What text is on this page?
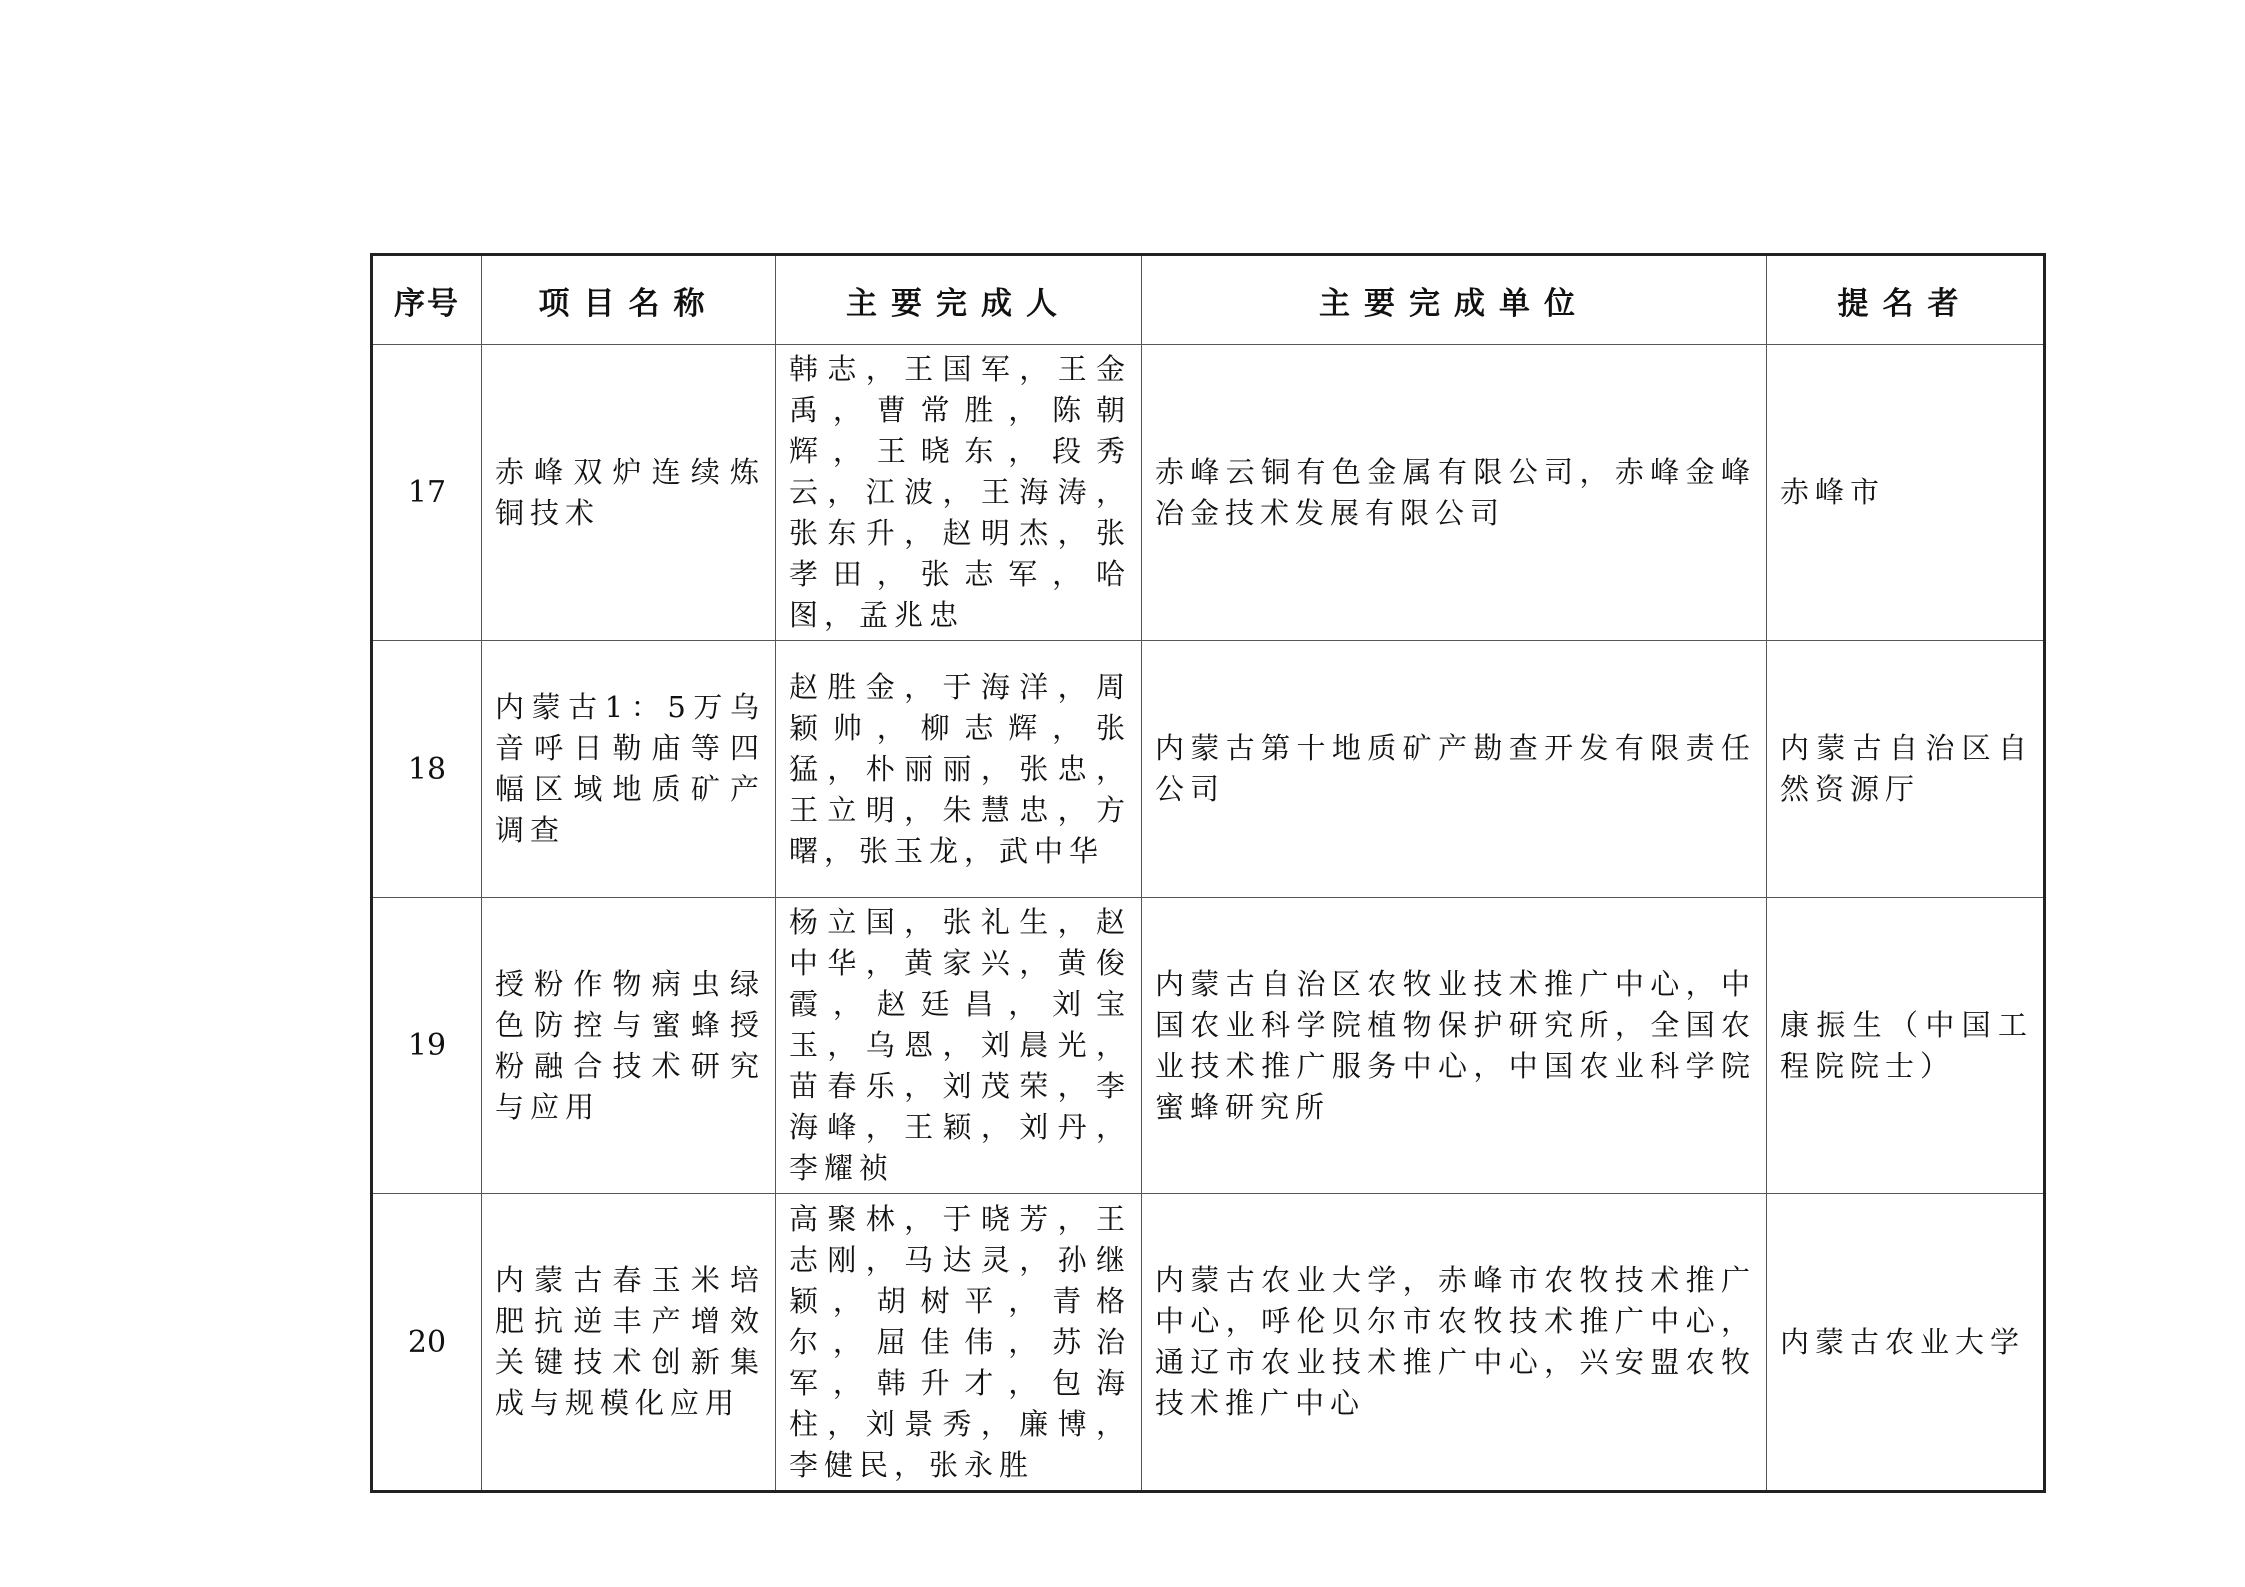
序号	项目名称	主要完成人	主要完成单位	提名者
17	赤峰双炉连续炼铜技术	韩志，王国军，王金禹，曹常胜，陈朝辉，王晓东，段秀云，江波，王海涛，张东升，赵明杰，张孝田，张志军，哈图，孟兆忠	赤峰云铜有色金属有限公司，赤峰金峰冶金技术发展有限公司	赤峰市
18	内蒙古1：5万乌音呼日勒庙等四幅区域地质矿产调查	赵胜金，于海洋，周颖帅，柳志辉，张猛，朴丽丽，张忠，王立明，朱慧忠，方曙，张玉龙，武中华	内蒙古第十地质矿产勘查开发有限责任公司	内蒙古自治区自然资源厅
19	授粉作物病虫绿色防控与蜜蜂授粉融合技术研究与应用	杨立国，张礼生，赵中华，黄家兴，黄俊霞，赵廷昌，刘宝玉，乌恩，刘晨光，苗春乐，刘茂荣，李海峰，王颖，刘丹，李耀祯	内蒙古自治区农牧业技术推广中心，中国农业科学院植物保护研究所，全国农业技术推广服务中心，中国农业科学院蜜蜂研究所	康振生（中国工程院院士）
20	内蒙古春玉米培肥抗逆丰产增效关键技术创新集成与规模化应用	高聚林，于晓芳，王志刚，马达灵，孙继颖，胡树平，青格尔，屈佳伟，苏治军，韩升才，包海柱，刘景秀，廉博，李健民，张永胜	内蒙古农业大学，赤峰市农牧技术推广中心，呼伦贝尔市农牧技术推广中心，通辽市农业技术推广中心，兴安盟农牧技术推广中心	内蒙古农业大学
